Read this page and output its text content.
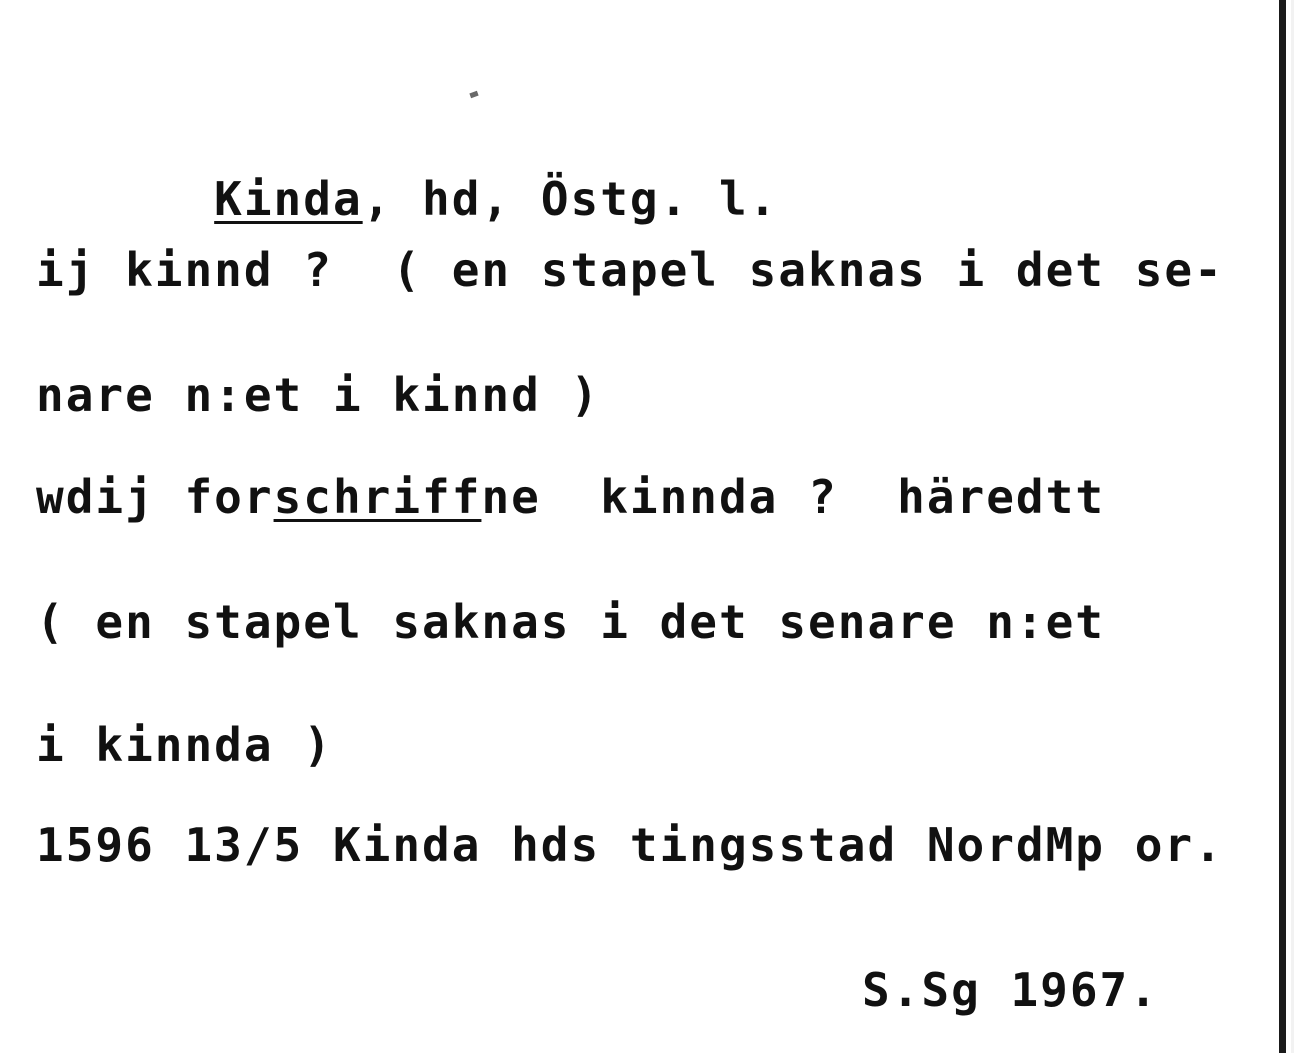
Kinda, hd, Östg. l.

ij kinnd ?  ( en stapel saknas i det se-
nare n:et i kinnd )
wdij forschriffne  kinnda ?  häredtt
( en stapel saknas i det senare n:et
i kinnda )
1596 13/5 Kinda hds tingsstad NordMp or.
S.Sg 1967.
